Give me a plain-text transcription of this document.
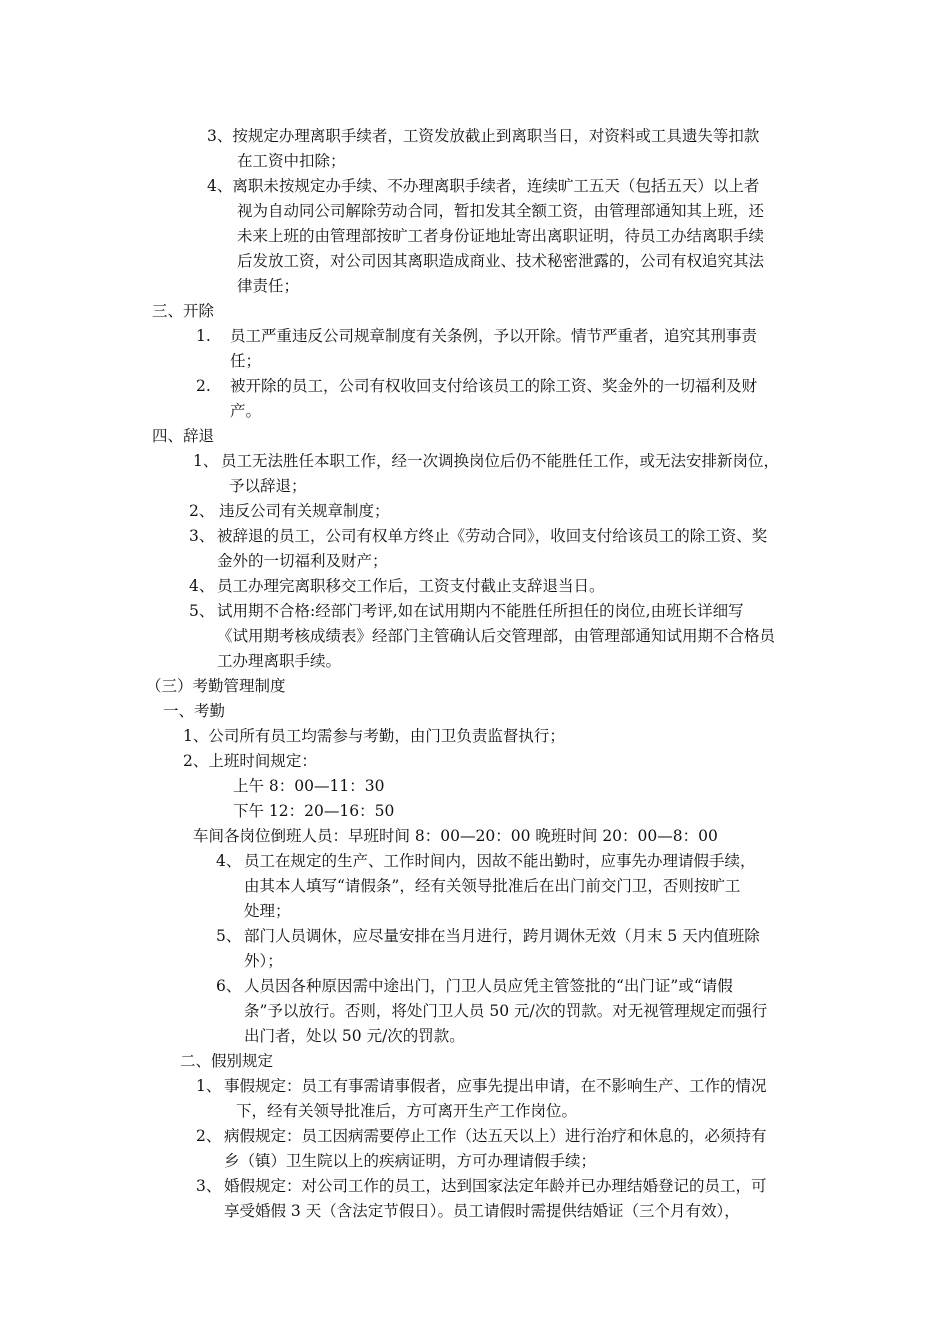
3、按规定办理离职手续者，工资发放截止到离职当日，对资料或工具遗失等扣款
在工资中扣除；
4、离职未按规定办手续、不办理离职手续者，连续旷工五天（包括五天）以上者
视为自动同公司解除劳动合同，暂扣发其全额工资，由管理部通知其上班，还
未来上班的由管理部按旷工者身份证地址寄出离职证明，待员工办结离职手续
后发放工资，对公司因其离职造成商业、技术秘密泄露的，公司有权追究其法
律责任；
三、开除
1. 员工严重违反公司规章制度有关条例，予以开除。情节严重者，追究其刑事责
任；
2. 被开除的员工，公司有权收回支付给该员工的除工资、奖金外的一切福利及财
产。
四、辞退
1、 员工无法胜任本职工作，经一次调换岗位后仍不能胜任工作，或无法安排新岗位，
予以辞退；
2、 违反公司有关规章制度；
3、 被辞退的员工，公司有权单方终止《劳动合同》，收回支付给该员工的除工资、奖
金外的一切福利及财产；
4、 员工办理完离职移交工作后，工资支付截止支辞退当日。
5、 试用期不合格:经部门考评,如在试用期内不能胜任所担任的岗位,由班长详细写
《试用期考核成绩表》经部门主管确认后交管理部，由管理部通知试用期不合格员
工办理离职手续。
（三）考勤管理制度
一、考勤
1、公司所有员工均需参与考勤，由门卫负责监督执行；
2、上班时间规定：
上午 8：00—11：30
下午 12：20—16：50
车间各岗位倒班人员：早班时间 8：00—20：00 晚班时间 20：00—8：00
4、 员工在规定的生产、工作时间内，因故不能出勤时，应事先办理请假手续，
由其本人填写“请假条”，经有关领导批准后在出门前交门卫，否则按旷工
处理；
5、 部门人员调休，应尽量安排在当月进行，跨月调休无效（月末 5 天内值班除
外）；
6、 人员因各种原因需中途出门，门卫人员应凭主管签批的“出门证”或“请假
条”予以放行。否则，将处门卫人员 50 元/次的罚款。对无视管理规定而强行
出门者，处以 50 元/次的罚款。
二、假别规定
1、 事假规定：员工有事需请事假者，应事先提出申请，在不影响生产、工作的情况
下，经有关领导批准后，方可离开生产工作岗位。
2、 病假规定：员工因病需要停止工作（达五天以上）进行治疗和休息的，必须持有
乡（镇）卫生院以上的疾病证明，方可办理请假手续；
3、 婚假规定：对公司工作的员工，达到国家法定年龄并已办理结婚登记的员工，可
享受婚假 3 天（含法定节假日）。员工请假时需提供结婚证（三个月有效），
